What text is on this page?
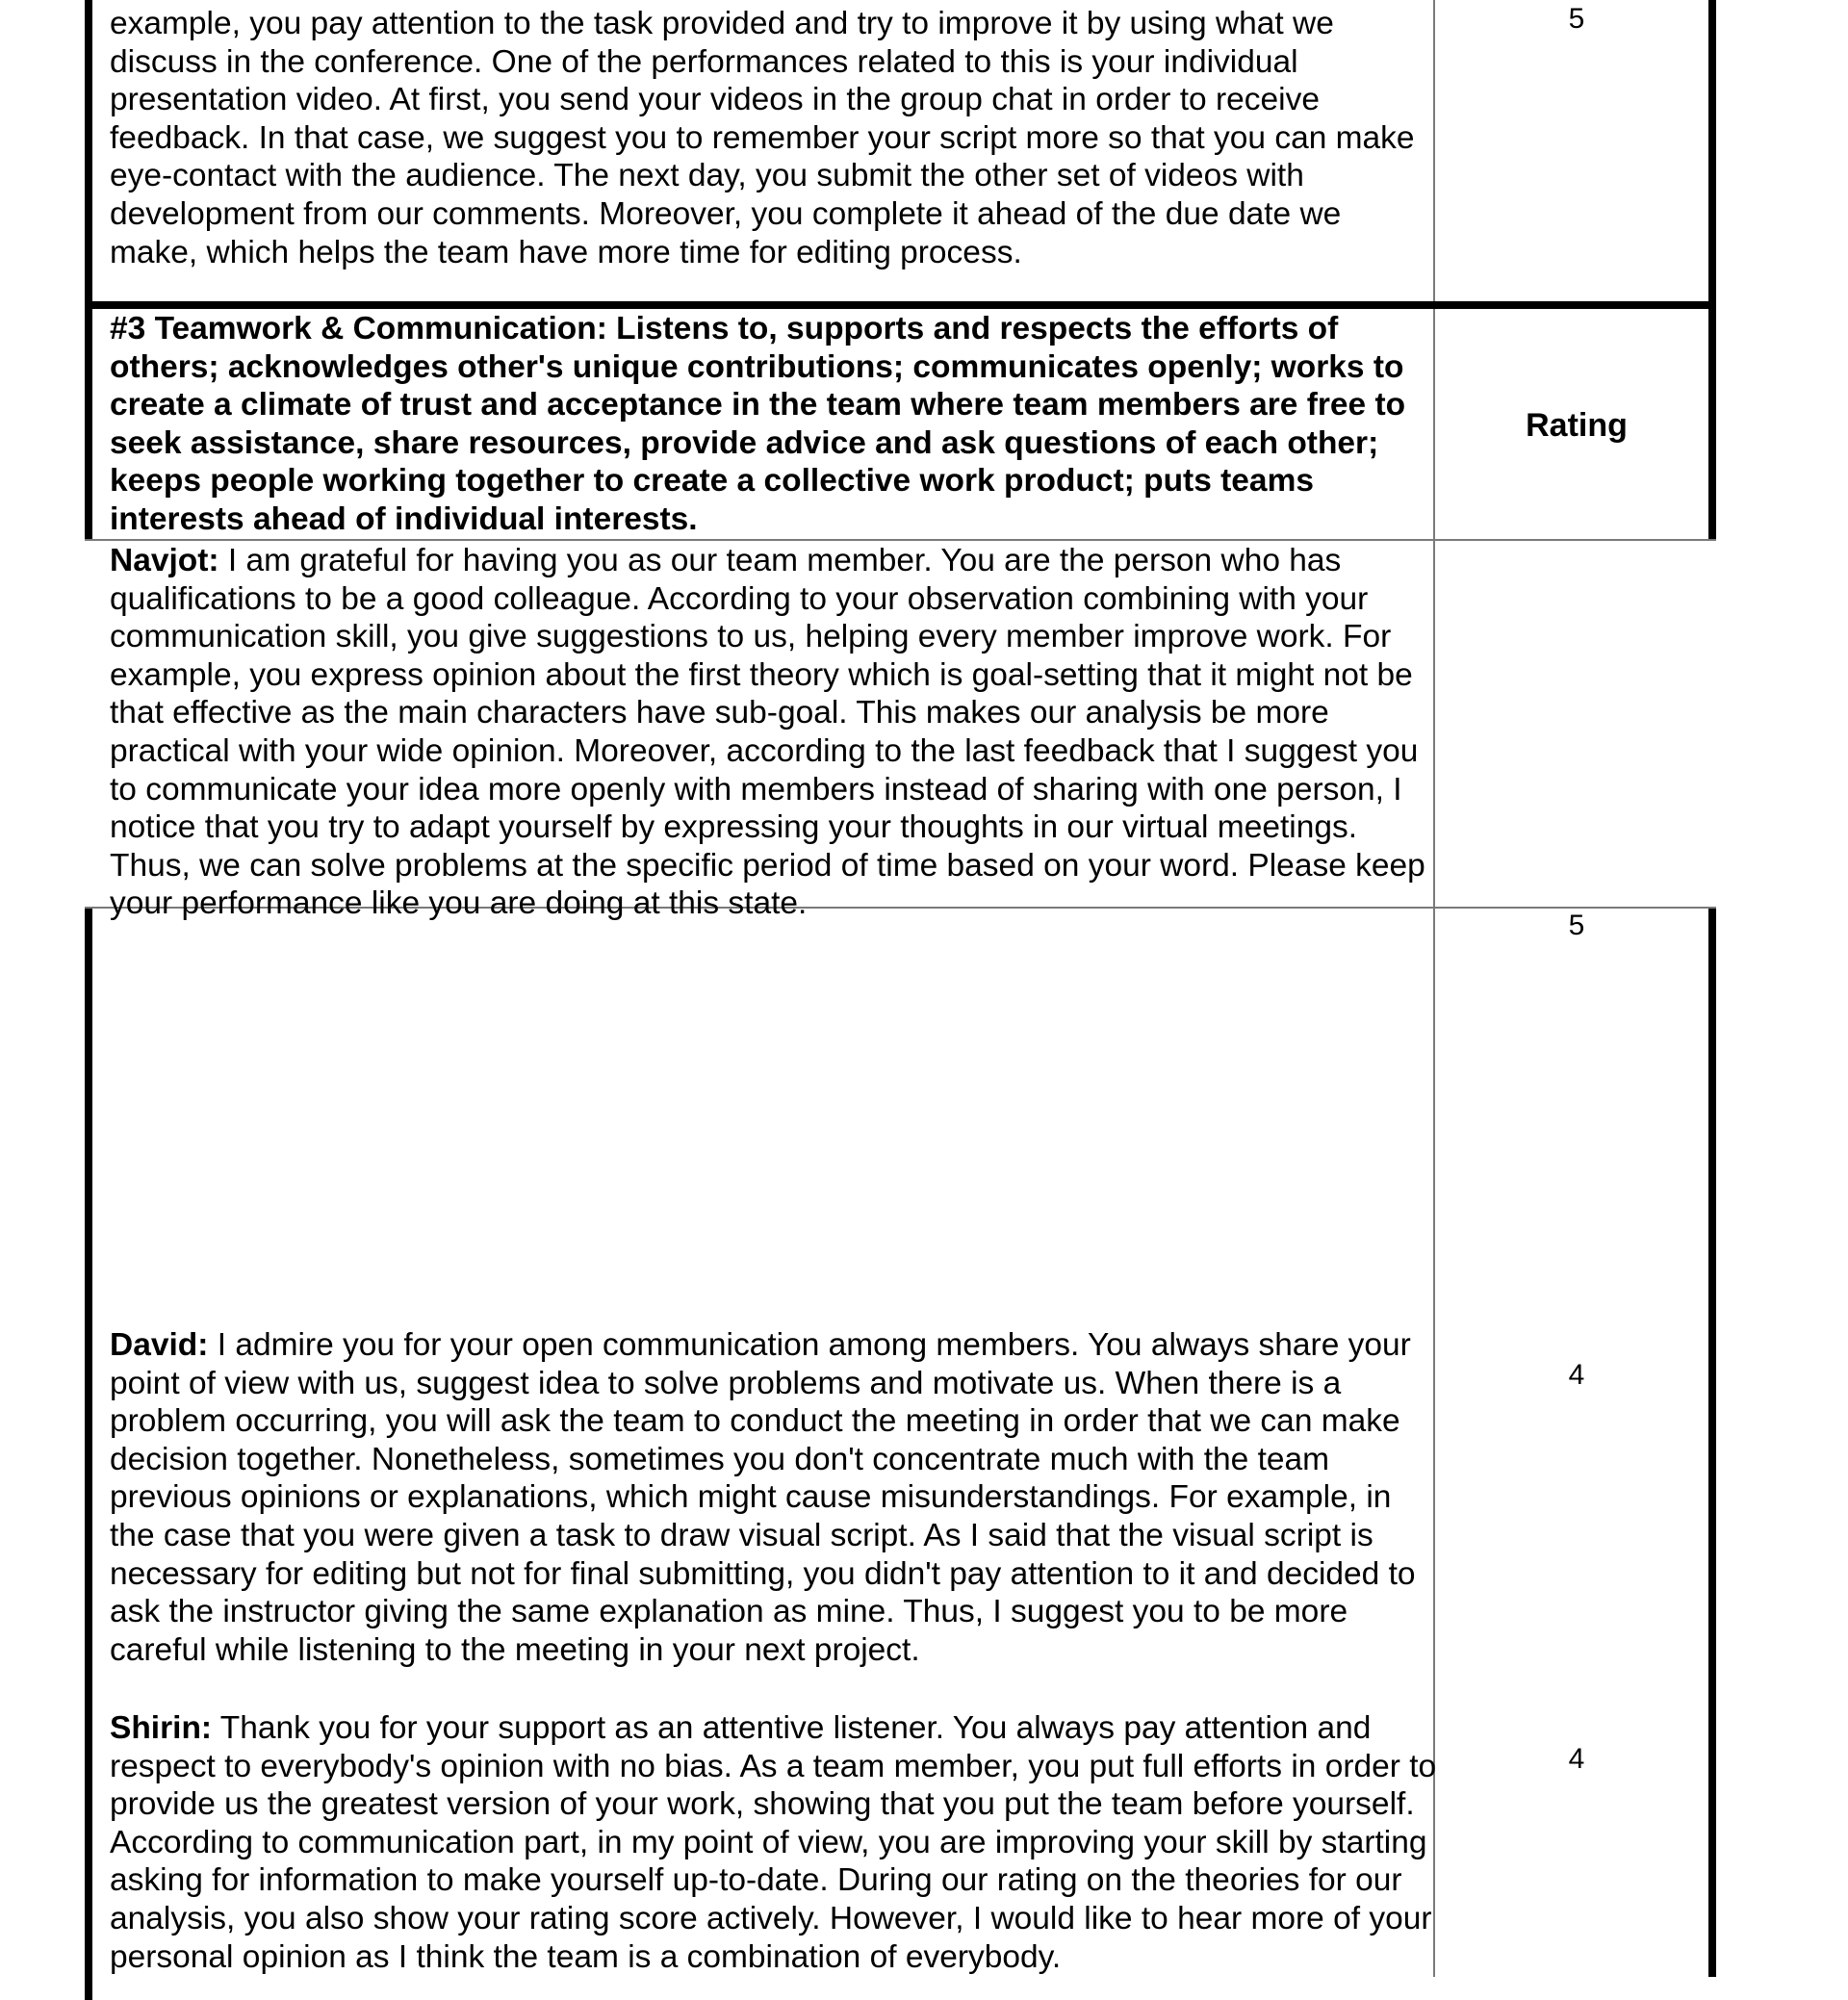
example, you pay attention to the task provided and try to improve it by using what we discuss in the conference. One of the performances related to this is your individual presentation video. At first, you send your videos in the group chat in order to receive feedback. In that case, we suggest you to remember your script more so that you can make eye-contact with the audience. The next day, you submit the other set of videos with development from our comments. Moreover, you complete it ahead of the due date we make, which helps the team have more time for editing process.
5
#3 Teamwork & Communication: Listens to, supports and respects the efforts of others; acknowledges other's unique contributions; communicates openly; works to create a climate of trust and acceptance in the team where team members are free to seek assistance, share resources, provide advice and ask questions of each other; keeps people working together to create a collective work product; puts teams interests ahead of individual interests.
Rating
Navjot: I am grateful for having you as our team member. You are the person who has qualifications to be a good colleague. According to your observation combining with your communication skill, you give suggestions to us, helping every member improve work. For example, you express opinion about the first theory which is goal-setting that it might not be that effective as the main characters have sub-goal. This makes our analysis be more practical with your wide opinion. Moreover, according to the last feedback that I suggest you to communicate your idea more openly with members instead of sharing with one person, I notice that you try to adapt yourself by expressing your thoughts in our virtual meetings. Thus, we can solve problems at the specific period of time based on your word. Please keep your performance like you are doing at this state.
5
David: I admire you for your open communication among members. You always share your point of view with us, suggest idea to solve problems and motivate us. When there is a problem occurring, you will ask the team to conduct the meeting in order that we can make decision together. Nonetheless, sometimes you don't concentrate much with the team previous opinions or explanations, which might cause misunderstandings. For example, in the case that you were given a task to draw visual script. As I said that the visual script is necessary for editing but not for final submitting, you didn't pay attention to it and decided to ask the instructor giving the same explanation as mine. Thus, I suggest you to be more careful while listening to the meeting in your next project.
4
Shirin: Thank you for your support as an attentive listener. You always pay attention and respect to everybody's opinion with no bias. As a team member, you put full efforts in order to provide us the greatest version of your work, showing that you put the team before yourself. According to communication part, in my point of view, you are improving your skill by starting asking for information to make yourself up-to-date. During our rating on the theories for our analysis, you also show your rating score actively. However, I would like to hear more of your personal opinion as I think the team is a combination of everybody.
4
